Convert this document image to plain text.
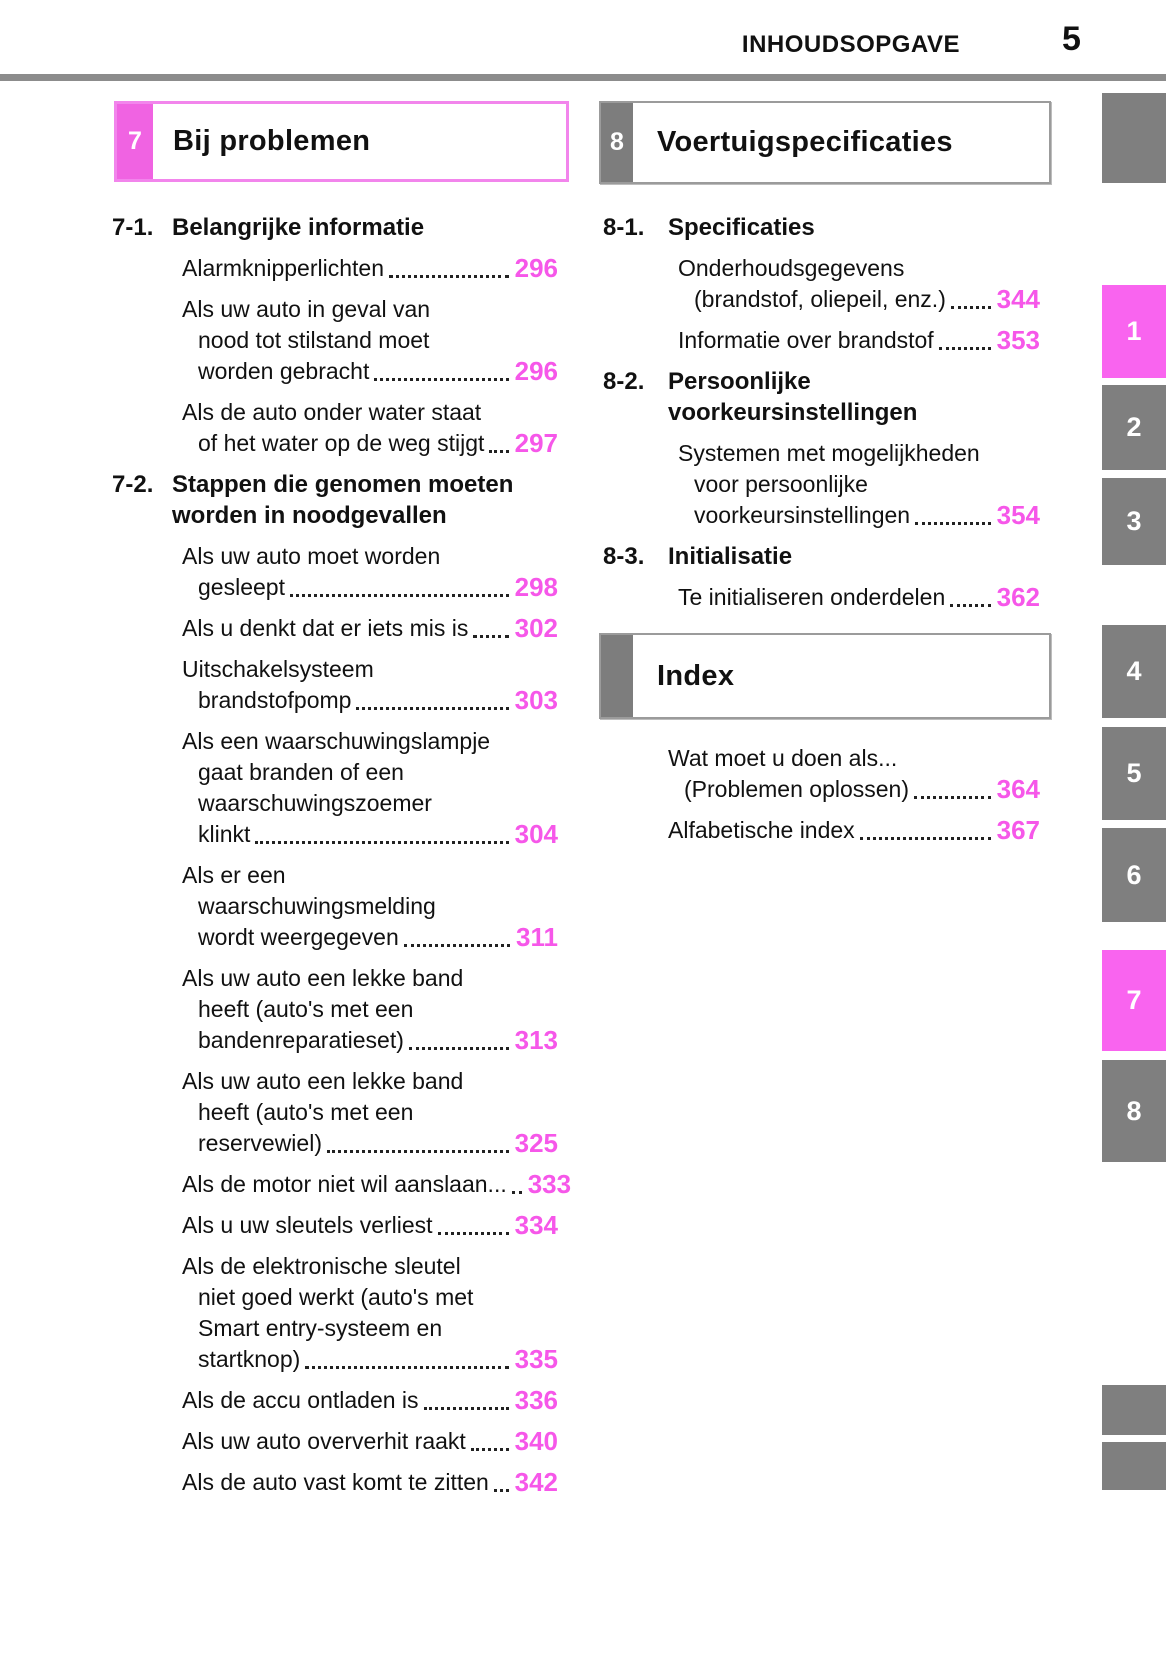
INHOUDSOPGAVE	5
7	Bij problemen	8	Voertuigspecificaties
Index
7-1. Belangrijke informatie
Alarmknipperlichten	296
Als uw auto in geval van
nood tot stilstand moet
worden gebracht	296
Als de auto onder water staat
of het water op de weg stijgt 297
7-2. Stappen die genomen moeten
worden in noodgevallen
Als uw auto moet worden
gesleept	298
Als u denkt dat er iets mis is 302
Uitschakelsysteem
brandstofpomp	303
Als een waarschuwingslampje
gaat branden of een
waarschuwingszoemer
klinkt	304
Als er een
waarschuwingsmelding
wordt weergegeven	311
Als uw auto een lekke band
heeft (auto's met een
bandenreparatieset)	313
Als uw auto een lekke band
heeft (auto's met een
reservewiel)	325
Als de motor niet wil aanslaan... 333
Als u uw sleutels verliest	334
Als de elektronische sleutel
niet goed werkt (auto's met
Smart entry-systeem en
startknop)	335
Als de accu ontladen is	336
Als uw auto oververhit raakt 340
Als de auto vast komt te zitten 342
8-1. Specificaties
Onderhoudsgegevens
(brandstof, oliepeil, enz.) 344
Informatie over brandstof 353
8-2. Persoonlijke
voorkeursinstellingen
Systemen met mogelijkheden
voor persoonlijke
voorkeursinstellingen	354
8-3. Initialisatie
Te initialiseren onderdelen 362
Wat moet u doen als...
(Problemen oplossen)	364
Alfabetische index	367
1
2
3
4
5
6
7
8
